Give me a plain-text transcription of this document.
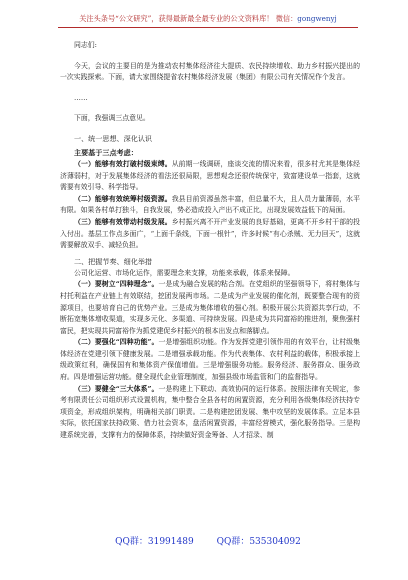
关注头条号“公文研究”，获得最新最全最专业的公文资料库！ 微信：gongwenyj

同志们:

今天，会议的主要目的是为推动农村集体经济往大提质、农民持续增收、助力乡村振兴提出的一次实践探索。下面，请大家围绕提省农村集体经济发展（集团）有限公司有关情况作个发言。

……

下面，我强调三点意见。

一、统一思想、深化认识

主要基于三点考虑：

（一）能够有效打破村级束缚。从前期一线调研，座谈交流的情况来看，很多村尤其是集体经济薄弱村，对于发展集体经济的看法还很局限，思想观念还很传统保守，致富建设单一指套，这就需要有效引导、科学指导。

（二）能够有效统筹村级资源。我县目前资源虽然丰富，但总量不大，且人员力量薄弱，水平有限。如果各村单打独斗，自我发展，势必造成投入产出不成正比，出现发展效益低下的局面。

（三）能够有效带动村级发展。乡村振兴离不开产业发展的良好基础，更离不开乡村干部的投入付出。基层工作点多面广，“上面千条线，下面一根针”，许多时候“有心杀贼、无力回天”，这就需要解放双手、减轻负担。

二、把握节奏、细化举措

公司化运营、市场化运作，需要理念来支撑，功能来承载，体系来保障。

（一）要树立“四种理念”。一是成为融合发展的粘合剂。在党组织的坚强领导下，将村集体与村托利益在产业链上有效联结，挖团发展两市场。二是成为产业发展的催化剂，既要整合现有的资源项目，也要培育自己的优势产业。三是成为集体增收的强心剂。积极开展公共资源共享行动，不断拓宽集体增收渠道，实现多元化、多渠道、可持续发展。四是成为共同富裕的推进剂，聚焦强村富民，把实现共同富裕作为抓党建促乡村振兴的根本出发点和落脚点。

（二）要强化“四种功能”。一是增强组织功能。作为发挥党建引领作用的有效平台，让村级集体经济在党建引领下健康发展。二是增强承载功能。作为代表集体、农村利益的载体，积极承接上级政策红利，确保国有和集体资产保值增值。三是增强服务功能。服务经济、服务群众、服务政府。四是增强运营功能。健全现代企业管理制度，加强县级市场监管和门的监督指导。

（三）要健全“三大体系”。一是构建上下联动、高效协同的运行体系。按照法律有关规定，参考有限责任公司组织形式设置机构，集中整合全县各村的闲置资源，充分利用各级集体经济扶持专项资金，形成组织架构，明确相关部门职责。二是构建挖团发展、集中攻坚的发展体系。立足本县实际，依托国家扶持政策、借力社会资本，盘活闲置资源，丰富经营模式，强化服务指导。三是构建系统完善，支撑有力的保障体系，持续做好资金筹备、人才招录、制

QQ群：31991489	QQ群：535304092
